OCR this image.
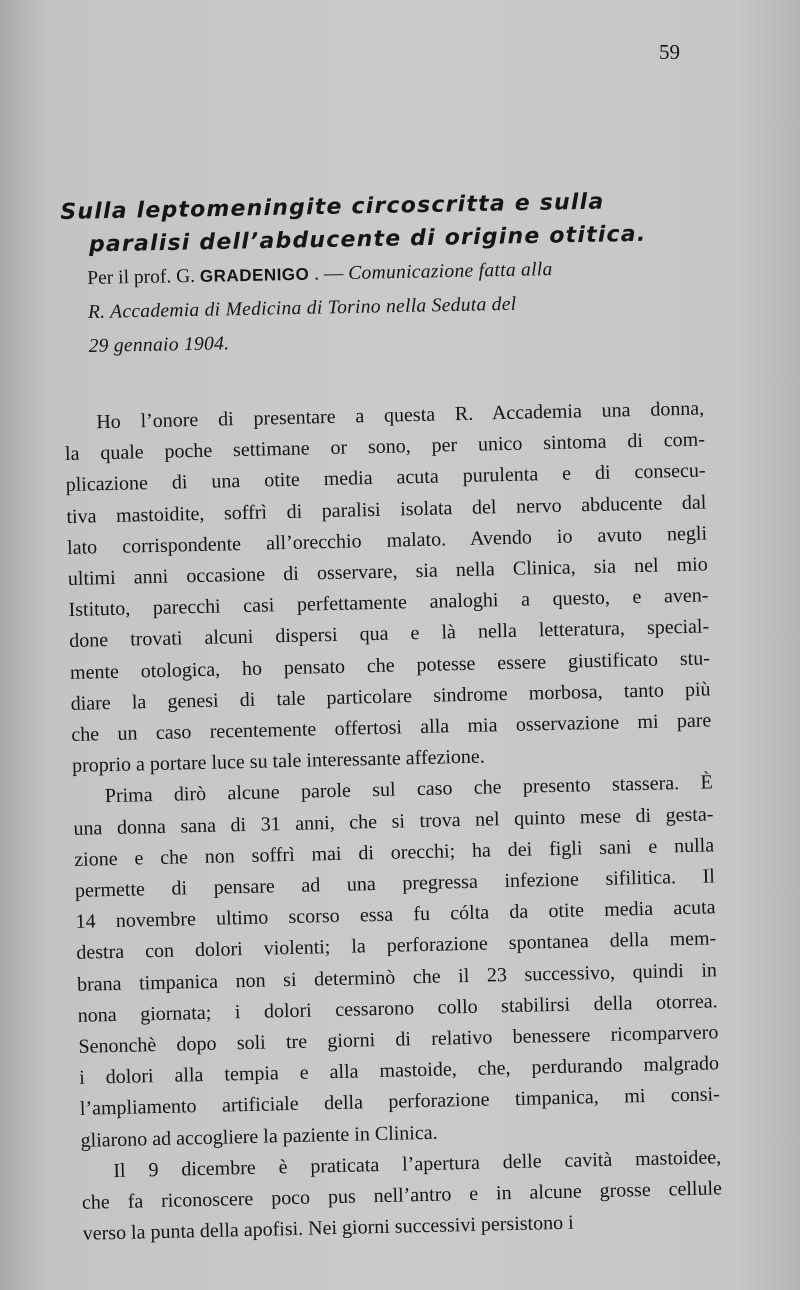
59
Sulla leptomeningite circoscritta e sulla
paralisi dell’abducente di origine otitica.
Per il prof. G. GRADENIGO . — Comunicazione fatta alla
R. Accademia di Medicina di Torino nella Seduta del
29 gennaio 1904.

Ho l’onore di presentare a questa R. Accademia una donna,
la quale poche settimane or sono, per unico sintoma di com-
plicazione di una otite media acuta purulenta e di consecu-
tiva mastoidite, soffrì di paralisi isolata del nervo abducente dal
lato corrispondente all’orecchio malato. Avendo io avuto negli
ultimi anni occasione di osservare, sia nella Clinica, sia nel mio
Istituto, parecchi casi perfettamente analoghi a questo, e aven-
done trovati alcuni dispersi qua e là nella letteratura, special-
mente otologica, ho pensato che potesse essere giustificato stu-
diare la genesi di tale particolare sindrome morbosa, tanto più
che un caso recentemente offertosi alla mia osservazione mi pare
proprio a portare luce su tale interessante affezione.

Prima dirò alcune parole sul caso che presento stassera. È
una donna sana di 31 anni, che si trova nel quinto mese di gesta-
zione e che non soffrì mai di orecchi; ha dei figli sani e nulla
permette di pensare ad una pregressa infezione sifilitica. Il
14 novembre ultimo scorso essa fu cólta da otite media acuta
destra con dolori violenti; la perforazione spontanea della mem-
brana timpanica non si determinò che il 23 successivo, quindi in
nona giornata; i dolori cessarono collo stabilirsi della otorrea.
Senonchè dopo soli tre giorni di relativo benessere ricomparvero
i dolori alla tempia e alla mastoide, che, perdurando malgrado
l’ampliamento artificiale della perforazione timpanica, mi consi-
gliarono ad accogliere la paziente in Clinica.

Il 9 dicembre è praticata l’apertura delle cavità mastoidee,
che fa riconoscere poco pus nell’antro e in alcune grosse cellule
verso la punta della apofisi. Nei giorni successivi persistono i
